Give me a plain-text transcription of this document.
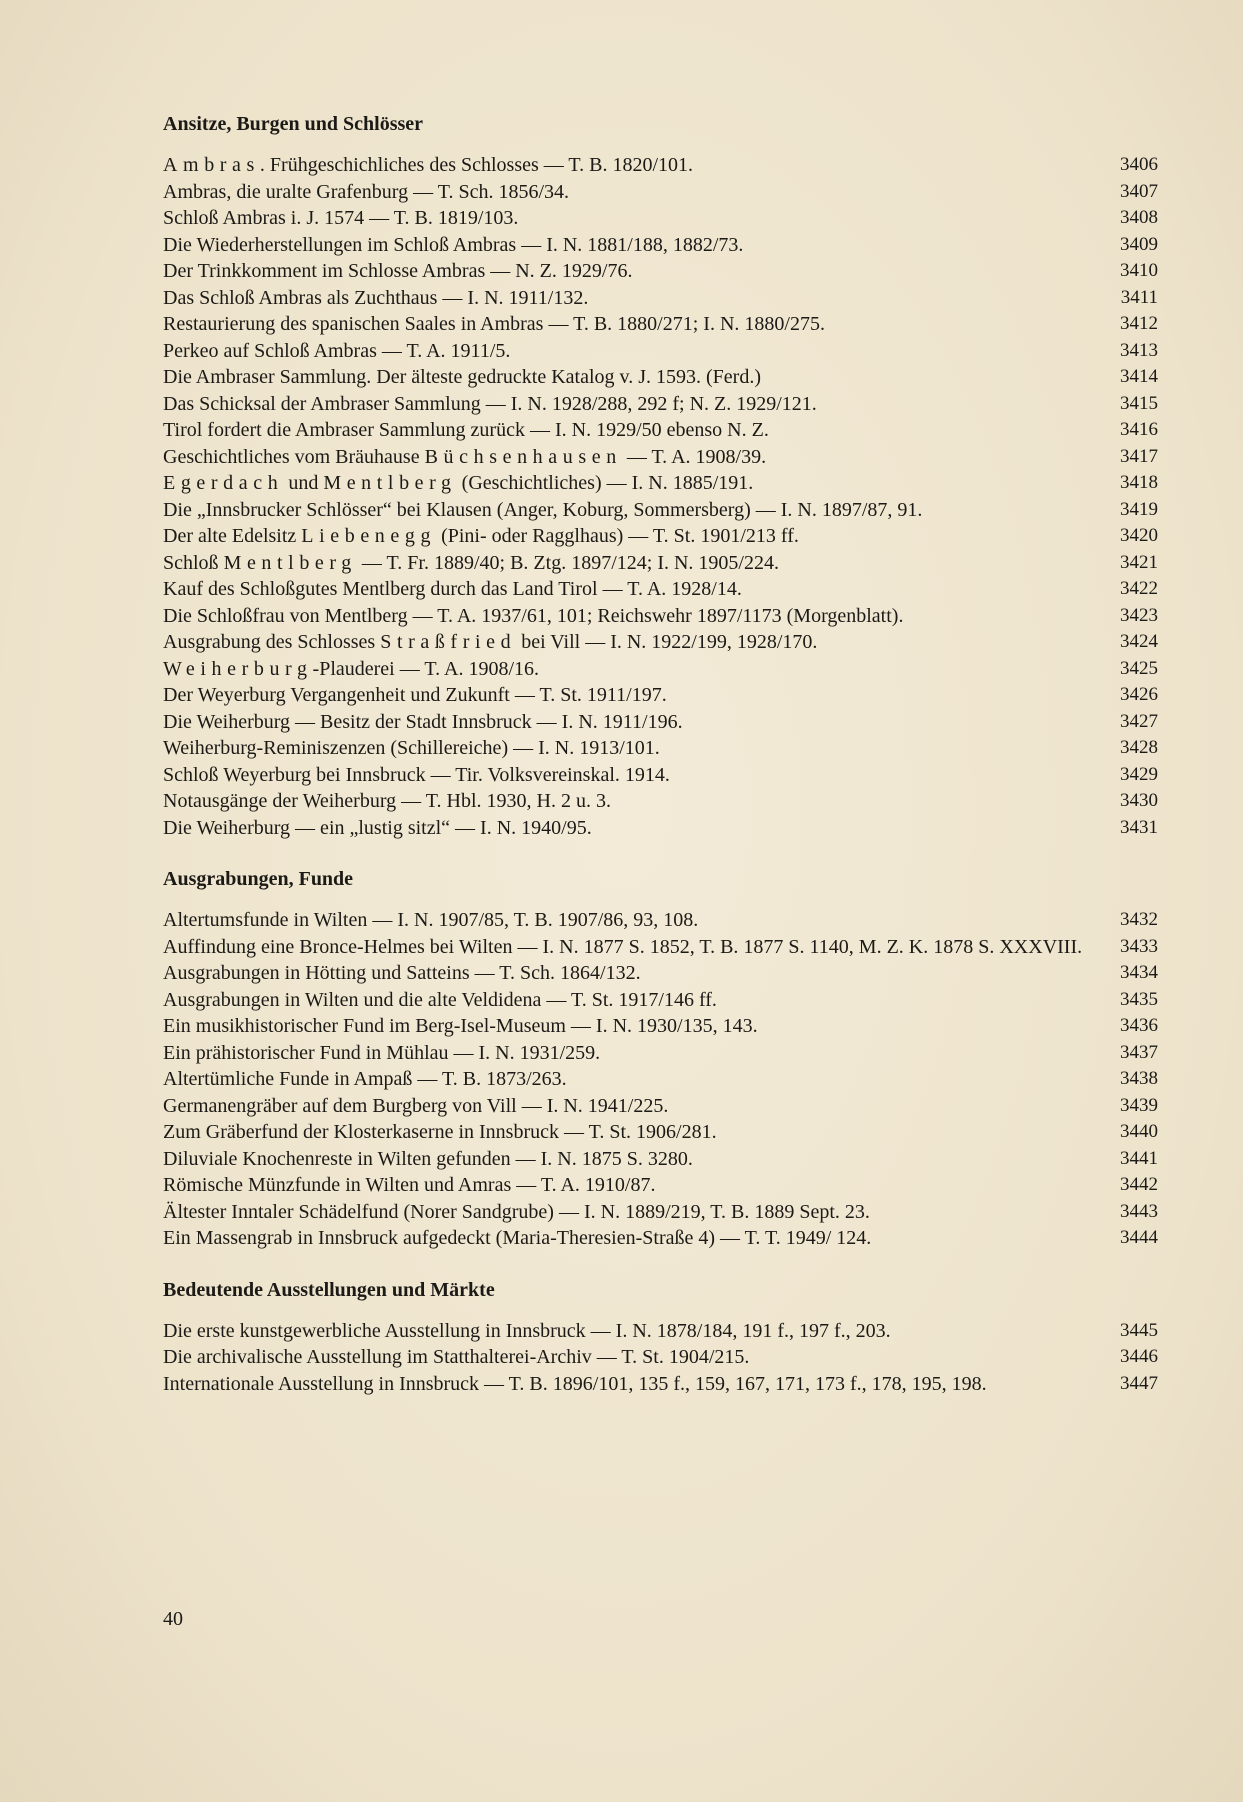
Ansitze, Burgen und Schlösser
Ambras. Frühgeschichliches des Schlosses — T. B. 1820/101.	3406
Ambras, die uralte Grafenburg — T. Sch. 1856/34.	3407
Schloß Ambras i. J. 1574 — T. B. 1819/103.	3408
Die Wiederherstellungen im Schloß Ambras — I. N. 1881/188, 1882/73.	3409
Der Trinkkomment im Schlosse Ambras — N. Z. 1929/76.	3410
Das Schloß Ambras als Zuchthaus — I. N. 1911/132.	3411
Restaurierung des spanischen Saales in Ambras — T. B. 1880/271; I. N. 1880/275.	3412
Perkeo auf Schloß Ambras — T. A. 1911/5.	3413
Die Ambraser Sammlung. Der älteste gedruckte Katalog v. J. 1593. (Ferd.)	3414
Das Schicksal der Ambraser Sammlung — I. N. 1928/288, 292 f; N. Z. 1929/121.	3415
Tirol fordert die Ambraser Sammlung zurück — I. N. 1929/50 ebenso N. Z.	3416
Geschichtliches vom Bräuhause Büchsenhausen — T. A. 1908/39.	3417
Egerdach und Mentlberg (Geschichtliches) — I. N. 1885/191.	3418
Die „Innsbrucker Schlösser“ bei Klausen (Anger, Koburg, Sommersberg) — I. N. 1897/87, 91.	3419
Der alte Edelsitz Liebenegg (Pini- oder Ragglhaus) — T. St. 1901/213 ff.	3420
Schloß Mentlberg — T. Fr. 1889/40; B. Ztg. 1897/124; I. N. 1905/224.	3421
Kauf des Schloßgutes Mentlberg durch das Land Tirol — T. A. 1928/14.	3422
Die Schloßfrau von Mentlberg — T. A. 1937/61, 101; Reichswehr 1897/1173 (Morgenblatt).	3423
Ausgrabung des Schlosses Straßfried bei Vill — I. N. 1922/199, 1928/170.	3424
Weiherburg-Plauderei — T. A. 1908/16.	3425
Der Weyerburg Vergangenheit und Zukunft — T. St. 1911/197.	3426
Die Weiherburg — Besitz der Stadt Innsbruck — I. N. 1911/196.	3427
Weiherburg-Reminiszenzen (Schillereiche) — I. N. 1913/101.	3428
Schloß Weyerburg bei Innsbruck — Tir. Volksvereinskal. 1914.	3429
Notausgänge der Weiherburg — T. Hbl. 1930, H. 2 u. 3.	3430
Die Weiherburg — ein „lustig sitzl“ — I. N. 1940/95.	3431
Ausgrabungen, Funde
Altertumsfunde in Wilten — I. N. 1907/85, T. B. 1907/86, 93, 108.	3432
Auffindung eine Bronce-Helmes bei Wilten — I. N. 1877 S. 1852, T. B. 1877 S. 1140, M. Z. K. 1878 S. XXXVIII.	3433
Ausgrabungen in Hötting und Satteins — T. Sch. 1864/132.	3434
Ausgrabungen in Wilten und die alte Veldidena — T. St. 1917/146 ff.	3435
Ein musikhistorischer Fund im Berg-Isel-Museum — I. N. 1930/135, 143.	3436
Ein prähistorischer Fund in Mühlau — I. N. 1931/259.	3437
Altertümliche Funde in Ampaß — T. B. 1873/263.	3438
Germanengräber auf dem Burgberg von Vill — I. N. 1941/225.	3439
Zum Gräberfund der Klosterkaserne in Innsbruck — T. St. 1906/281.	3440
Diluviale Knochenreste in Wilten gefunden — I. N. 1875 S. 3280.	3441
Römische Münzfunde in Wilten und Amras — T. A. 1910/87.	3442
Ältester Inntaler Schädelfund (Norer Sandgrube) — I. N. 1889/219, T. B. 1889 Sept. 23.	3443
Ein Massengrab in Innsbruck aufgedeckt (Maria-Theresien-Straße 4) — T. T. 1949/ 124.	3444
Bedeutende Ausstellungen und Märkte
Die erste kunstgewerbliche Ausstellung in Innsbruck — I. N. 1878/184, 191 f., 197 f., 203.	3445
Die archivalische Ausstellung im Statthalterei-Archiv — T. St. 1904/215.	3446
Internationale Ausstellung in Innsbruck — T. B. 1896/101, 135 f., 159, 167, 171, 173 f., 178, 195, 198.	3447
40
